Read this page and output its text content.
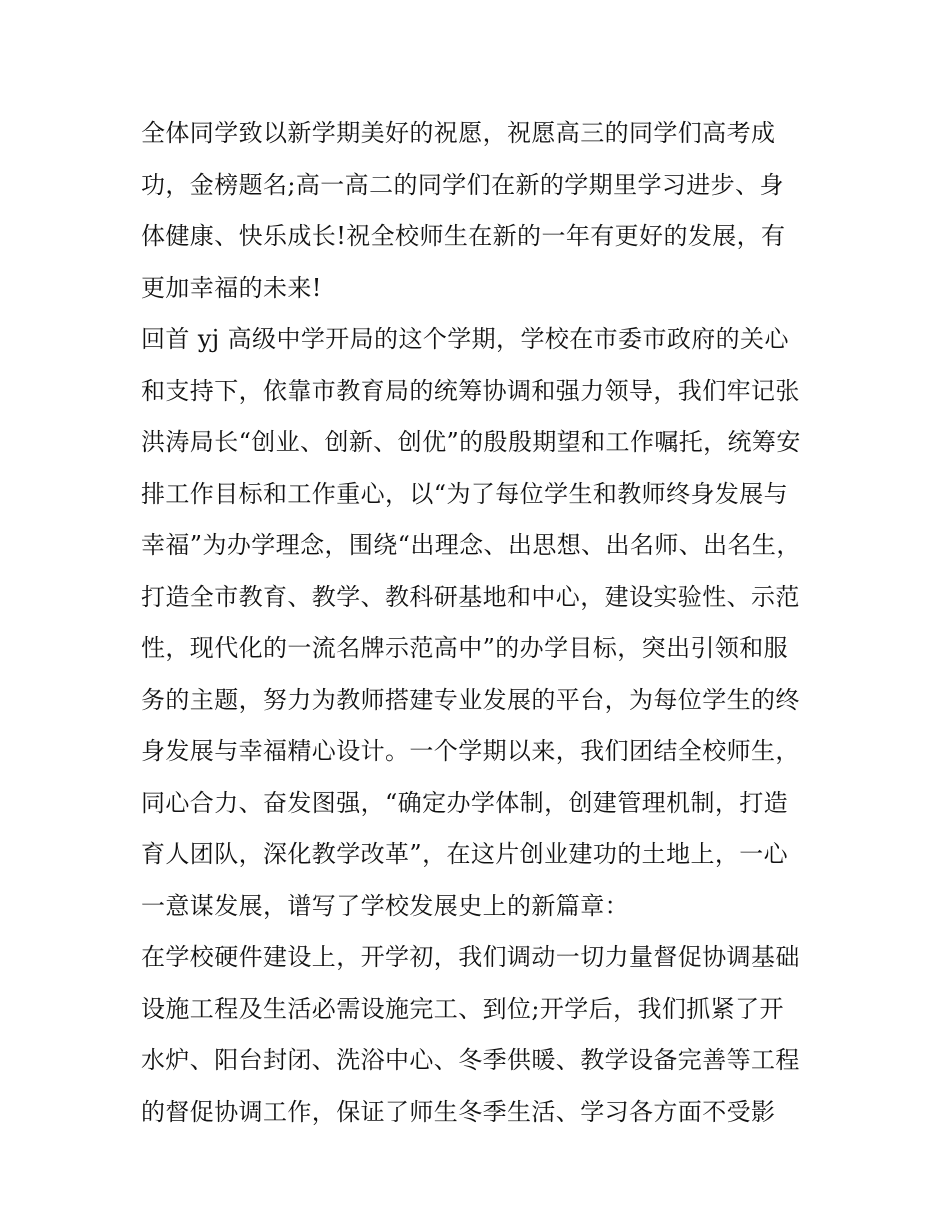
全体同学致以新学期美好的祝愿，祝愿高三的同学们高考成
功，金榜题名;高一高二的同学们在新的学期里学习进步、身
体健康、快乐成长!祝全校师生在新的一年有更好的发展，有
更加幸福的未来!
回首 yj 高级中学开局的这个学期，学校在市委市政府的关心
和支持下，依靠市教育局的统筹协调和强力领导，我们牢记张
洪涛局长“创业、创新、创优”的殷殷期望和工作嘱托，统筹安
排工作目标和工作重心，以“为了每位学生和教师终身发展与
幸福”为办学理念，围绕“出理念、出思想、出名师、出名生，
打造全市教育、教学、教科研基地和中心，建设实验性、示范
性，现代化的一流名牌示范高中”的办学目标，突出引领和服
务的主题，努力为教师搭建专业发展的平台，为每位学生的终
身发展与幸福精心设计。一个学期以来，我们团结全校师生，
同心合力、奋发图强，“确定办学体制，创建管理机制，打造
育人团队，深化教学改革”，在这片创业建功的土地上，一心
一意谋发展，谱写了学校发展史上的新篇章：
在学校硬件建设上，开学初，我们调动一切力量督促协调基础
设施工程及生活必需设施完工、到位;开学后，我们抓紧了开
水炉、阳台封闭、洗浴中心、冬季供暖、教学设备完善等工程
的督促协调工作，保证了师生冬季生活、学习各方面不受影
